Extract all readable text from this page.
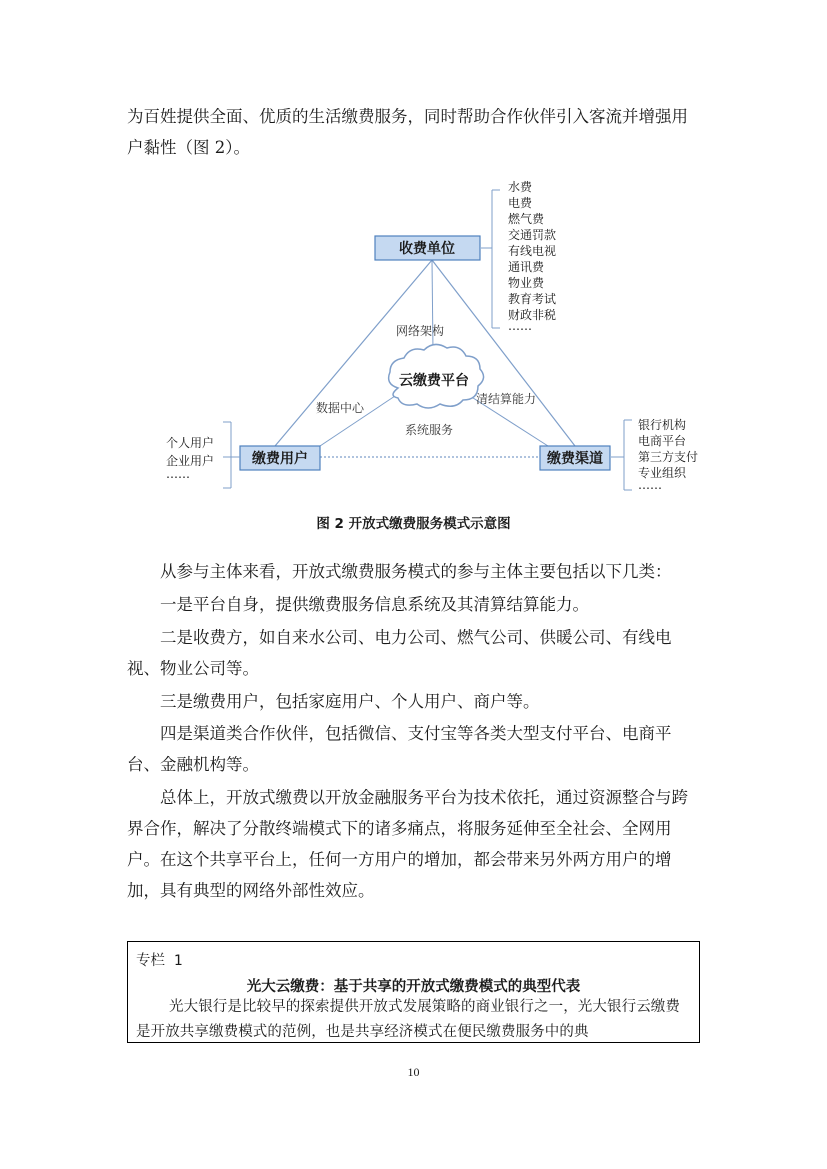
为百姓提供全面、优质的生活缴费服务，同时帮助合作伙伴引入客流并增强用户黏性（图 2）。

云缴费平台
收费单位
缴费用户	缴费渠道
网络架构
数据中心
清结算能力
系统服务
水费
电费
燃气费
交通罚款
有线电视
通讯费
物业费
教育考试
财政非税
……
个人用户
企业用户
……
银行机构
电商平台
第三方支付
专业组织
……

图 2 开放式缴费服务模式示意图

从参与主体来看，开放式缴费服务模式的参与主体主要包括以下几类：

一是平台自身，提供缴费服务信息系统及其清算结算能力。

二是收费方，如自来水公司、电力公司、燃气公司、供暖公司、有线电视、物业公司等。

三是缴费用户，包括家庭用户、个人用户、商户等。

四是渠道类合作伙伴，包括微信、支付宝等各类大型支付平台、电商平台、金融机构等。

总体上，开放式缴费以开放金融服务平台为技术依托，通过资源整合与跨界合作，解决了分散终端模式下的诸多痛点，将服务延伸至全社会、全网用户。在这个共享平台上，任何一方用户的增加，都会带来另外两方用户的增加，具有典型的网络外部性效应。

专栏 1
光大云缴费：基于共享的开放式缴费模式的典型代表
光大银行是比较早的探索提供开放式发展策略的商业银行之一，光大银行云缴费是开放共享缴费模式的范例，也是共享经济模式在便民缴费服务中的典
10
